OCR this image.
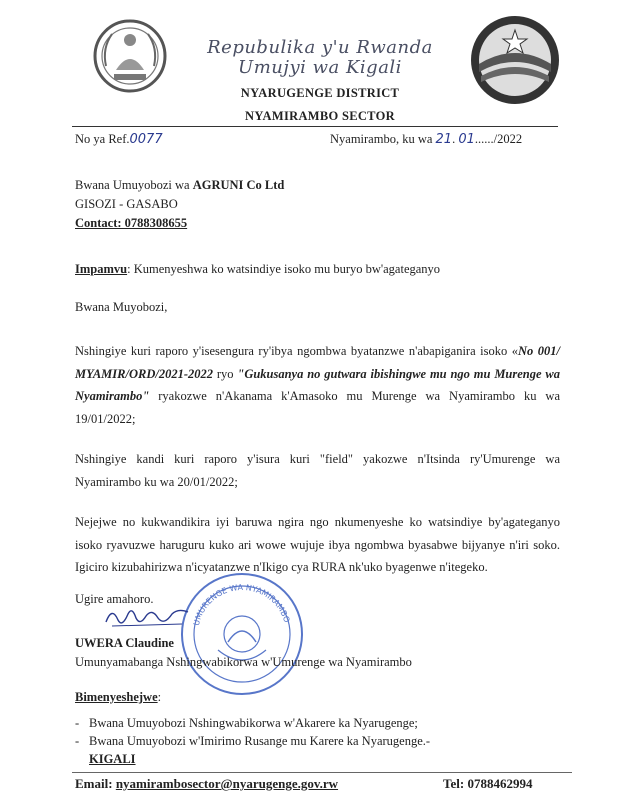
Repubulika y'u Rwanda
Umujyi wa Kigali
NYARUGENGE DISTRICT
NYAMIRAMBO SECTOR
No ya Ref.0077	Nyamirambo, ku wa 21. 01....../2022
Bwana Umuyobozi wa AGRUNI Co Ltd
GISOZI - GASABO
Contact: 0788308655
Impamvu: Kumenyeshwa ko watsindiye isoko mu buryo bw'agateganyo
Bwana Muyobozi,
Nshingiye kuri raporo y'isesengura ry'ibya ngombwa byatanzwe n'abapiganira isoko «No 001/ MYAMIR/ORD/2021-2022 ryo "Gukusanya no gutwara ibishingwe mu ngo mu Murenge wa Nyamirambo" ryakozwe n'Akanama k'Amasoko mu Murenge wa Nyamirambo ku wa 19/01/2022;
Nshingiye kandi kuri raporo y'isura kuri "field" yakozwe n'Itsinda ry'Umurenge wa Nyamirambo ku wa 20/01/2022;
Nejejwe no kukwandikira iyi baruwa ngira ngo nkumenyeshe ko watsindiye by'agateganyo isoko ryavuzwe haruguru kuko ari wowe wujuje ibya ngombwa byasabwe bijyanye n'iri soko. Igiciro kizubahirizwa n'icyatanzwe n'Ikigo cya RURA nk'uko byagenwe n'itegeko.
Ugire amahoro.
UMURENGE WA NYAMIRAMBO
UWERA Claudine
Umunyamabanga Nshingwabikorwa w'Umurenge wa Nyamirambo
Bimenyeshejwe:
- Bwana Umuyobozi Nshingwabikorwa w'Akarere ka Nyarugenge;
- Bwana Umuyobozi w'Imirimo Rusange mu Karere ka Nyarugenge.-
KIGALI
Email: nyamirambosector@nyarugenge.gov.rw	Tel: 0788462994
